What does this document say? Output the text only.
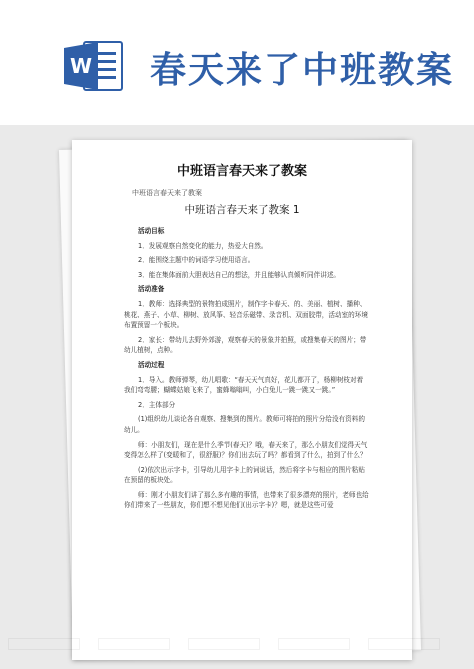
W 春天来了中班教案
中班语言春天来了教案
中班语言春天来了教案
中班语言春天来了教案 1

活动目标

1．发展观察自然变化的能力，热爱大自然。

2．能围绕主题中的词语学习使用语言。

3．能在集体面前大胆表达自己的想法，并且能够认真倾听同伴讲述。

活动准备

1．教师：选择典型的景物拍成照片，制作字卡春天、的、美丽、植树、播种、桃花、燕子、小草、柳树、放风筝、轻音乐磁带、录音机、双面胶带，活动室的环境布置预留一个板块。

2．家长：带幼儿去野外郊游，观察春天的景象并拍照，或搜集春天的图片；带幼儿植树，点种。

活动过程

1．导入。教师弹琴，幼儿唱歌：“春天天气真好，花儿都开了，杨柳树枝对着我们弯弯腰；蝴蝶姑娘飞来了，蜜蜂嗡嗡叫，小白兔儿一跳一跳又一跳。”

2．主体部分

(1)组织幼儿谈论各自观察、搜集到的图片。教师可将拍的照片分给没有资料的幼儿。

师：小朋友们，现在是什么季节(春天)？哦，春天来了，那么小朋友们觉得天气变得怎么样了(变暖和了，很舒服)？你们出去玩了吗？都看到了什么，拍到了什么？

(2)依次出示字卡，引导幼儿用字卡上的词说话，然后将字卡与相应的图片粘贴在预留的板块处。

师：刚才小朋友们讲了那么多有趣的事情，也带来了很多漂亮的照片，老师也给你们带来了一些朋友，你们想不想见他们(出示字卡)？嗯，就是这些可爱
